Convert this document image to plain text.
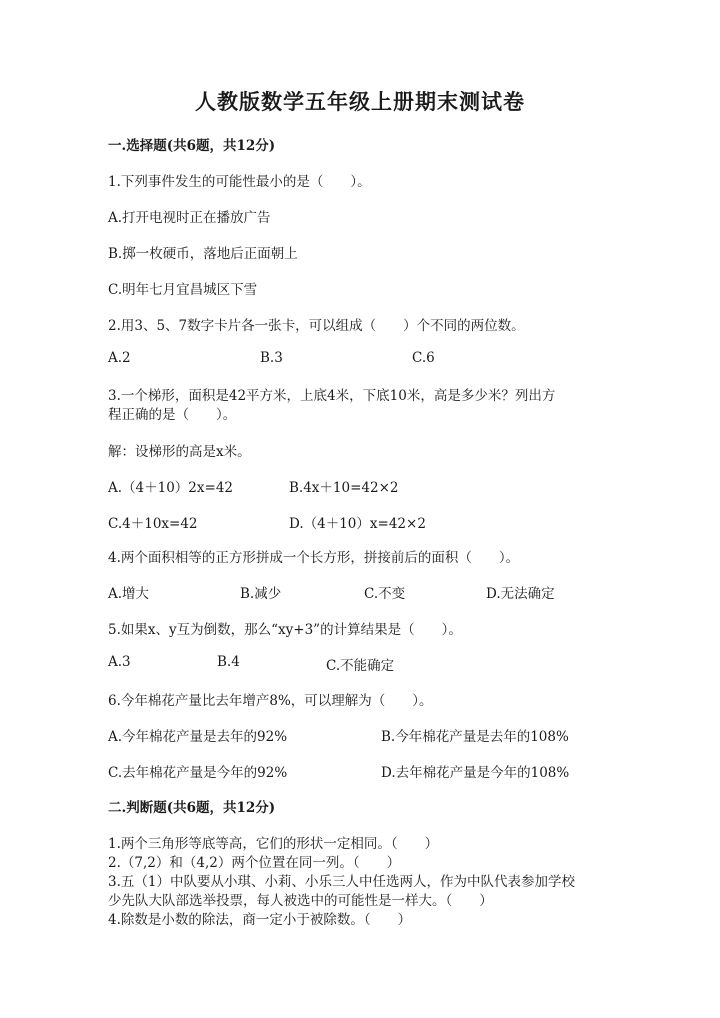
人教版数学五年级上册期末测试卷
一.选择题(共6题，共12分)
1.下列事件发生的可能性最小的是（　　）。
A.打开电视时正在播放广告
B.掷一枚硬币，落地后正面朝上
C.明年七月宜昌城区下雪
2.用3、5、7数字卡片各一张卡，可以组成（　　）个不同的两位数。
A.2	B.3	C.6
3.一个梯形，面积是42平方米，上底4米，下底10米，高是多少米？列出方
程正确的是（　　）。
解：设梯形的高是x米。
A.（4＋10）2x=42	B.4x＋10=42×2
C.4＋10x=42	D.（4＋10）x=42×2
4.两个面积相等的正方形拼成一个长方形，拼接前后的面积（　　）。
A.增大	B.减少	C.不变	D.无法确定
5.如果x、y互为倒数，那么“xy+3”的计算结果是（　　）。
A.3	B.4	C.不能确定
6.今年棉花产量比去年增产8%，可以理解为（　　）。
A.今年棉花产量是去年的92%	B.今年棉花产量是去年的108%
C.去年棉花产量是今年的92%	D.去年棉花产量是今年的108%
二.判断题(共6题，共12分)
1.两个三角形等底等高，它们的形状一定相同。（　　）
2.（7,2）和（4,2）两个位置在同一列。（　　）
3.五（1）中队要从小琪、小莉、小乐三人中任选两人，作为中队代表参加学校
少先队大队部选举投票，每人被选中的可能性是一样大。（　　）
4.除数是小数的除法，商一定小于被除数。（　　）
